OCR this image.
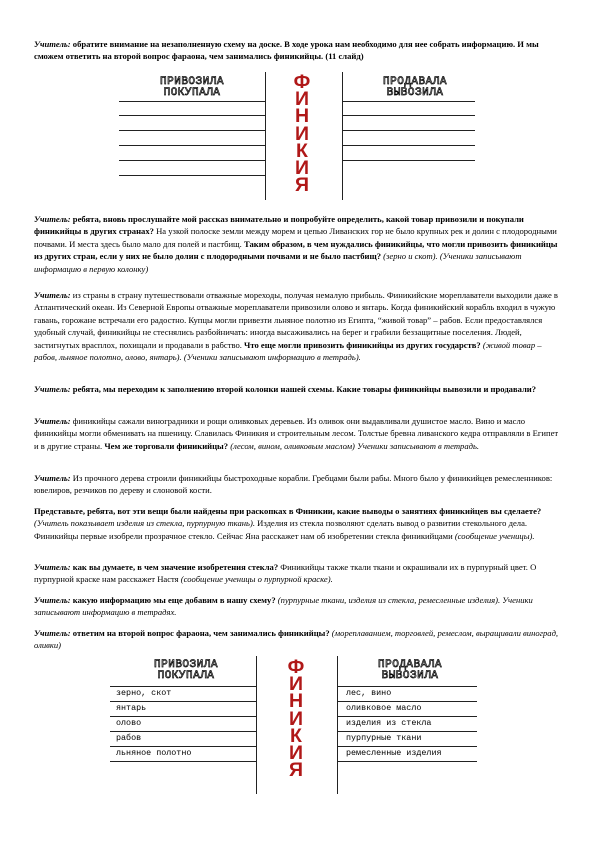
Учитель: обратите внимание на незаполненную схему на доске. В ходе урока нам необходимо для нее собрать информацию. И мы сможем ответить на второй вопрос фараона, чем занимались финикийцы. (11 слайд)

ПРИВОЗИЛА
ПОКУПАЛА
ПРОДАВАЛА
ВЫВОЗИЛА
Ф
И
Н
И
К
И
Я

Учитель: ребята, вновь прослушайте мой рассказ внимательно и попробуйте определить, какой товар привозили и покупали финикийцы в других странах? На узкой полоске земли между морем и цепью Ливанских гор не было крупных рек и долин с плодородными почвами. И места здесь было мало для полей и пастбищ. Таким образом, в чем нуждались финикийцы, что могли привозить финикийцы из других стран, если у них не было долин с плодородными почвами и не было пастбищ? (зерно и скот). (Ученики записывают информацию в первую колонку)

Учитель: из страны в страну путешествовали отважные мореходы, получая немалую прибыль. Финикийские мореплаватели выходили даже в Атлантический океан. Из Северной Европы отважные мореплаватели привозили олово и янтарь. Когда финикийский корабль входил в чужую гавань, горожане встречали его радостно. Купцы могли привезти льняное полотно из Египта, “живой товар” – рабов. Если предоставлялся удобный случай, финикийцы не стеснялись разбойничать: иногда высаживались на берег и грабили беззащитные поселения. Людей, застигнутых врасплох, похищали и продавали в рабство. Что еще могли привозить финикийцы из других государств? (живой товар – рабов, льняное полотно, олово, янтарь). (Ученики записывают информацию в тетрадь).

Учитель: ребята, мы переходим к заполнению второй колонки нашей схемы. Какие товары финикийцы вывозили и продавали?

Учитель: финикийцы сажали виноградники и рощи оливковых деревьев. Из оливок они выдавливали душистое масло. Вино и масло финикийцы могли обменивать на пшеницу. Славилась Финикия и строительным лесом. Толстые бревна ливанского кедра отправляли в Египет и в другие страны. Чем же торговали финикийцы? (лесом, вином, оливковым маслом) Ученики записывают в тетрадь.

Учитель: Из прочного дерева строили финикийцы быстроходные корабли. Гребцами были рабы. Много было у финикийцев ремесленников: ювелиров, резчиков по дереву и слоновой кости.

Представьте, ребята, вот эти вещи были найдены при раскопках в Финикии, какие выводы о занятиях финикийцев вы сделаете? (Учитель показывает изделия из стекла, пурпурную ткань). Изделия из стекла позволяют сделать вывод о развитии стекольного дела. Финикийцы первые изобрели прозрачное стекло. Сейчас Яна расскажет нам об изобретении стекла финикийцами (сообщение ученицы).

Учитель: как вы думаете, в чем значение изобретения стекла? Финикийцы также ткали ткани и окрашивали их в пурпурный цвет. О пурпурной краске нам расскажет Настя (сообщение ученицы о пурпурной краске).

Учитель: какую информацию мы еще добавим в нашу схему? (пурпурные ткани, изделия из стекла, ремесленные изделия). Ученики записывают информацию в тетрадях.

Учитель: ответим на второй вопрос фараона, чем занимались финикийцы? (мореплаванием, торговлей, ремеслом, выращивали виноград, оливки)

ПРИВОЗИЛА
ПОКУПАЛА
ПРОДАВАЛА
ВЫВОЗИЛА
зерно, скот
янтарь
олово
рабов
льняное полотно
лес, вино
оливковое масло
изделия из стекла
пурпурные ткани
ремесленные изделия
Ф
И
Н
И
К
И
Я
